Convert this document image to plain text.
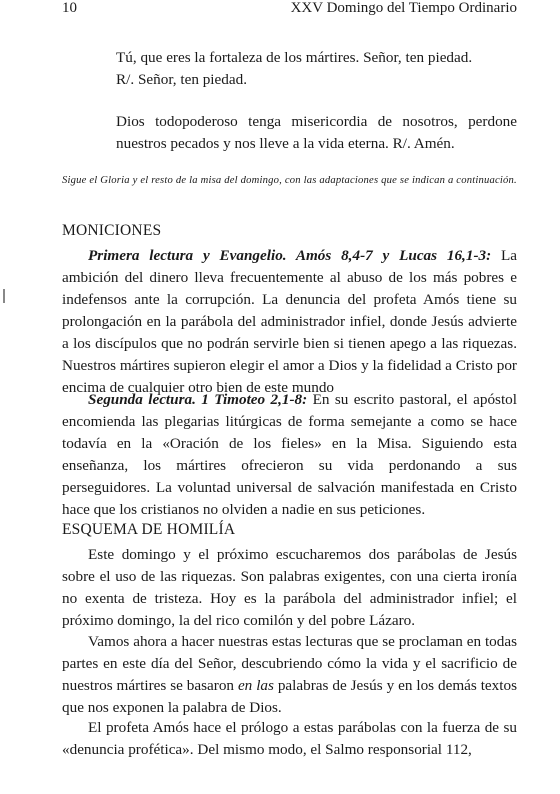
10	XXV Domingo del Tiempo Ordinario

Tú, que eres la fortaleza de los mártires. Señor, ten piedad.

R/. Señor, ten piedad.

Dios todopoderoso tenga misericordia de nosotros, perdone nuestros pecados y nos lleve a la vida eterna. R/. Amén.

Sigue el Gloria y el resto de la misa del domingo, con las adaptaciones que se indican a continuación.

MONICIONES

Primera lectura y Evangelio. Amós 8,4-7 y Lucas 16,1-3: La ambición del dinero lleva frecuentemente al abuso de los más pobres e indefensos ante la corrupción. La denuncia del profeta Amós tiene su prolongación en la parábola del administrador infiel, donde Jesús advierte a los discípulos que no podrán servirle bien si tienen apego a las riquezas. Nuestros mártires supieron elegir el amor a Dios y la fidelidad a Cristo por encima de cualquier otro bien de este mundo

Segunda lectura. 1 Timoteo 2,1-8: En su escrito pastoral, el apóstol encomienda las plegarias litúrgicas de forma semejante a como se hace todavía en la «Oración de los fieles» en la Misa. Siguiendo esta enseñanza, los mártires ofrecieron su vida perdonando a sus perseguidores. La voluntad universal de salvación manifestada en Cristo hace que los cristianos no olviden a nadie en sus peticiones.

ESQUEMA DE HOMILÍA

Este domingo y el próximo escucharemos dos parábolas de Jesús sobre el uso de las riquezas. Son palabras exigentes, con una cierta ironía no exenta de tristeza. Hoy es la parábola del administrador infiel; el próximo domingo, la del rico comilón y del pobre Lázaro.

Vamos ahora a hacer nuestras estas lecturas que se proclaman en todas partes en este día del Señor, descubriendo cómo la vida y el sacrificio de nuestros mártires se basaron en las palabras de Jesús y en los demás textos que nos exponen la palabra de Dios.

El profeta Amós hace el prólogo a estas parábolas con la fuerza de su «denuncia profética». Del mismo modo, el Salmo responsorial 112,
